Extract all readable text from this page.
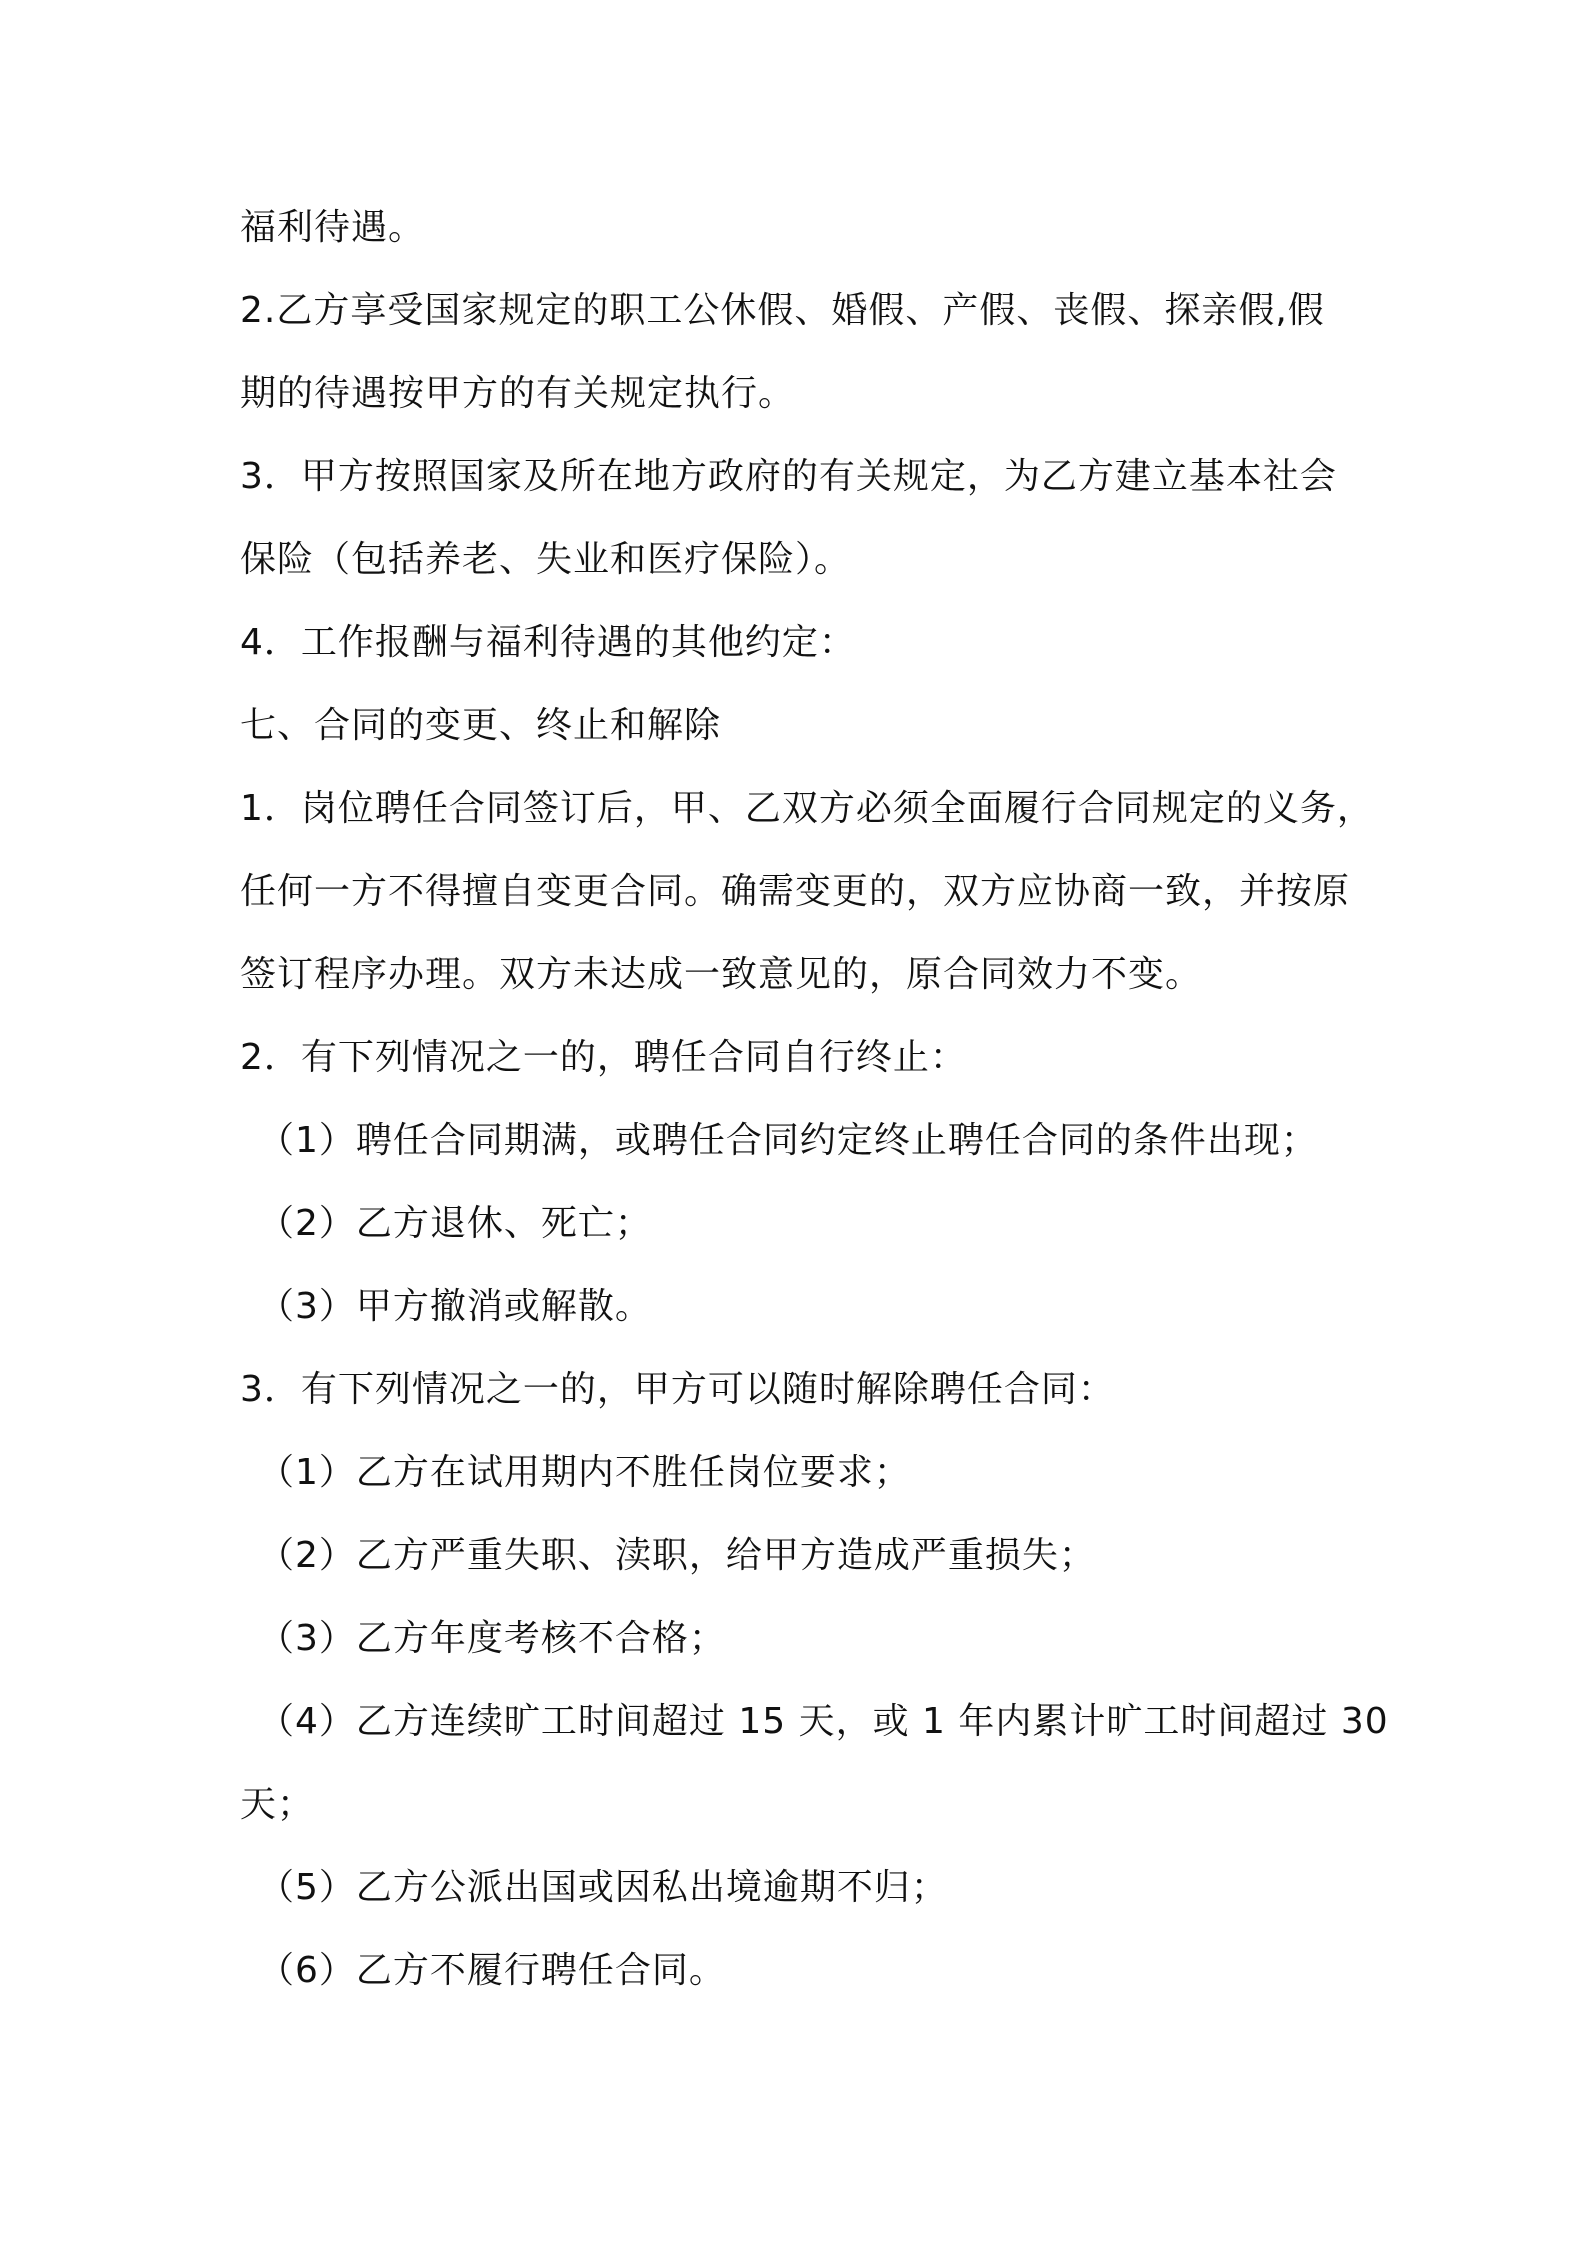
福利待遇。
2.乙方享受国家规定的职工公休假、婚假、产假、丧假、探亲假,假
期的待遇按甲方的有关规定执行。
3．甲方按照国家及所在地方政府的有关规定，为乙方建立基本社会
保险（包括养老、失业和医疗保险）。
4．工作报酬与福利待遇的其他约定：
七、合同的变更、终止和解除
1．岗位聘任合同签订后，甲、乙双方必须全面履行合同规定的义务，
任何一方不得擅自变更合同。确需变更的，双方应协商一致，并按原
签订程序办理。双方未达成一致意见的，原合同效力不变。
2．有下列情况之一的，聘任合同自行终止：
（1）聘任合同期满，或聘任合同约定终止聘任合同的条件出现；
（2）乙方退休、死亡；
（3）甲方撤消或解散。
3．有下列情况之一的，甲方可以随时解除聘任合同：
（1）乙方在试用期内不胜任岗位要求；
（2）乙方严重失职、渎职，给甲方造成严重损失；
（3）乙方年度考核不合格；
（4）乙方连续旷工时间超过 15 天，或 1 年内累计旷工时间超过 30
天；
（5）乙方公派出国或因私出境逾期不归；
（6）乙方不履行聘任合同。
